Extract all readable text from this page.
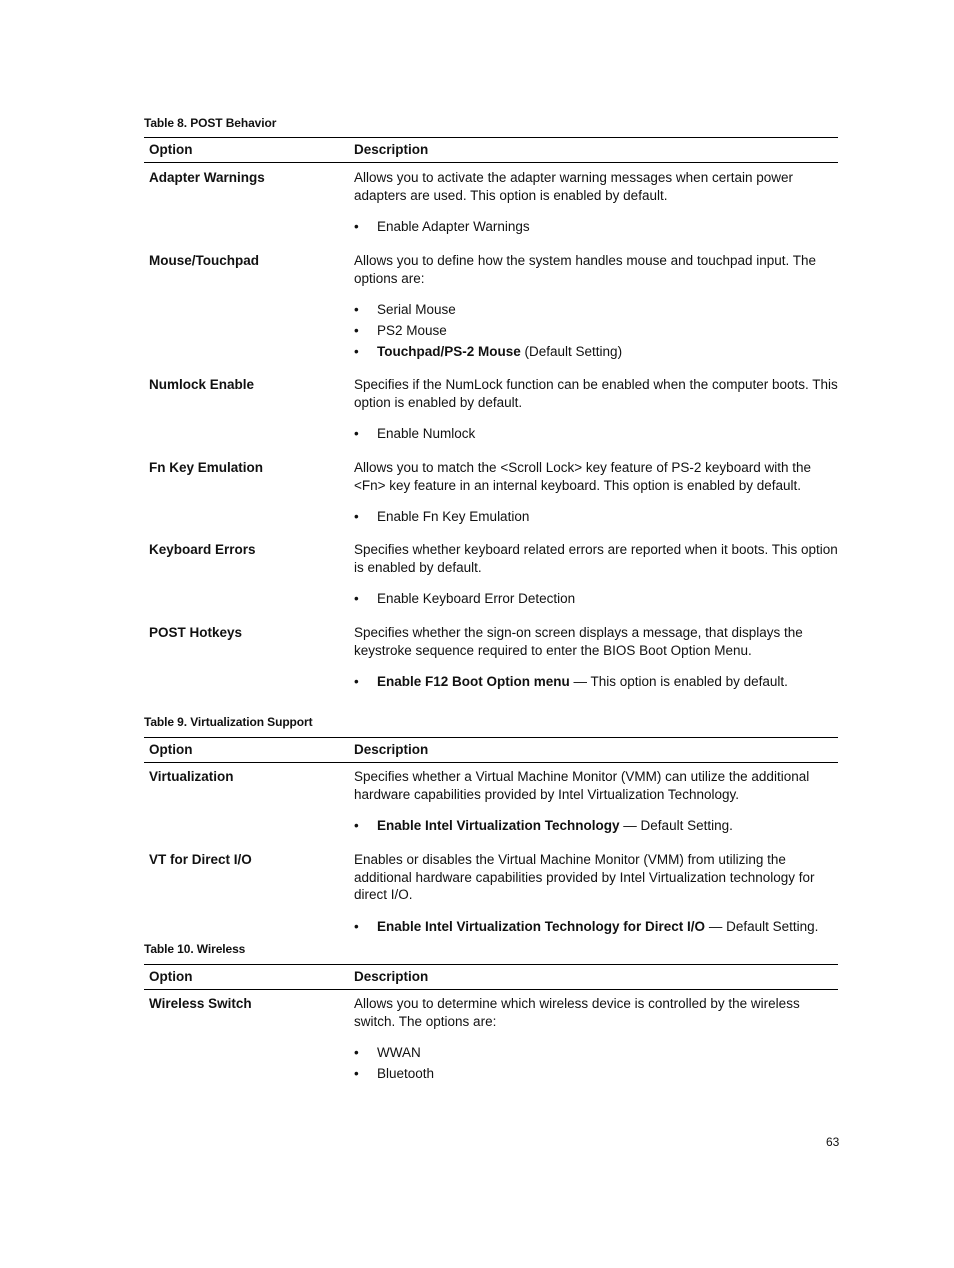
Table 8. POST Behavior
Option	Description
Adapter Warnings	Allows you to activate the adapter warning messages when certain power adapters are used. This option is enabled by default.

• Enable Adapter Warnings
Mouse/Touchpad	Allows you to define how the system handles mouse and touchpad input. The options are:

• Serial Mouse
• PS2 Mouse
• Touchpad/PS-2 Mouse (Default Setting)
Numlock Enable	Specifies if the NumLock function can be enabled when the computer boots. This option is enabled by default.

• Enable Numlock
Fn Key Emulation	Allows you to match the <Scroll Lock> key feature of PS-2 keyboard with the <Fn> key feature in an internal keyboard. This option is enabled by default.

• Enable Fn Key Emulation
Keyboard Errors	Specifies whether keyboard related errors are reported when it boots. This option is enabled by default.

• Enable Keyboard Error Detection
POST Hotkeys	Specifies whether the sign-on screen displays a message, that displays the keystroke sequence required to enter the BIOS Boot Option Menu.

• Enable F12 Boot Option menu — This option is enabled by default.
Table 9. Virtualization Support
Option	Description
Virtualization	Specifies whether a Virtual Machine Monitor (VMM) can utilize the additional hardware capabilities provided by Intel Virtualization Technology.

• Enable Intel Virtualization Technology — Default Setting.
VT for Direct I/O	Enables or disables the Virtual Machine Monitor (VMM) from utilizing the additional hardware capabilities provided by Intel Virtualization technology for direct I/O.

• Enable Intel Virtualization Technology for Direct I/O — Default Setting.
Table 10. Wireless
Option	Description
Wireless Switch	Allows you to determine which wireless device is controlled by the wireless switch. The options are:

• WWAN
• Bluetooth
63
